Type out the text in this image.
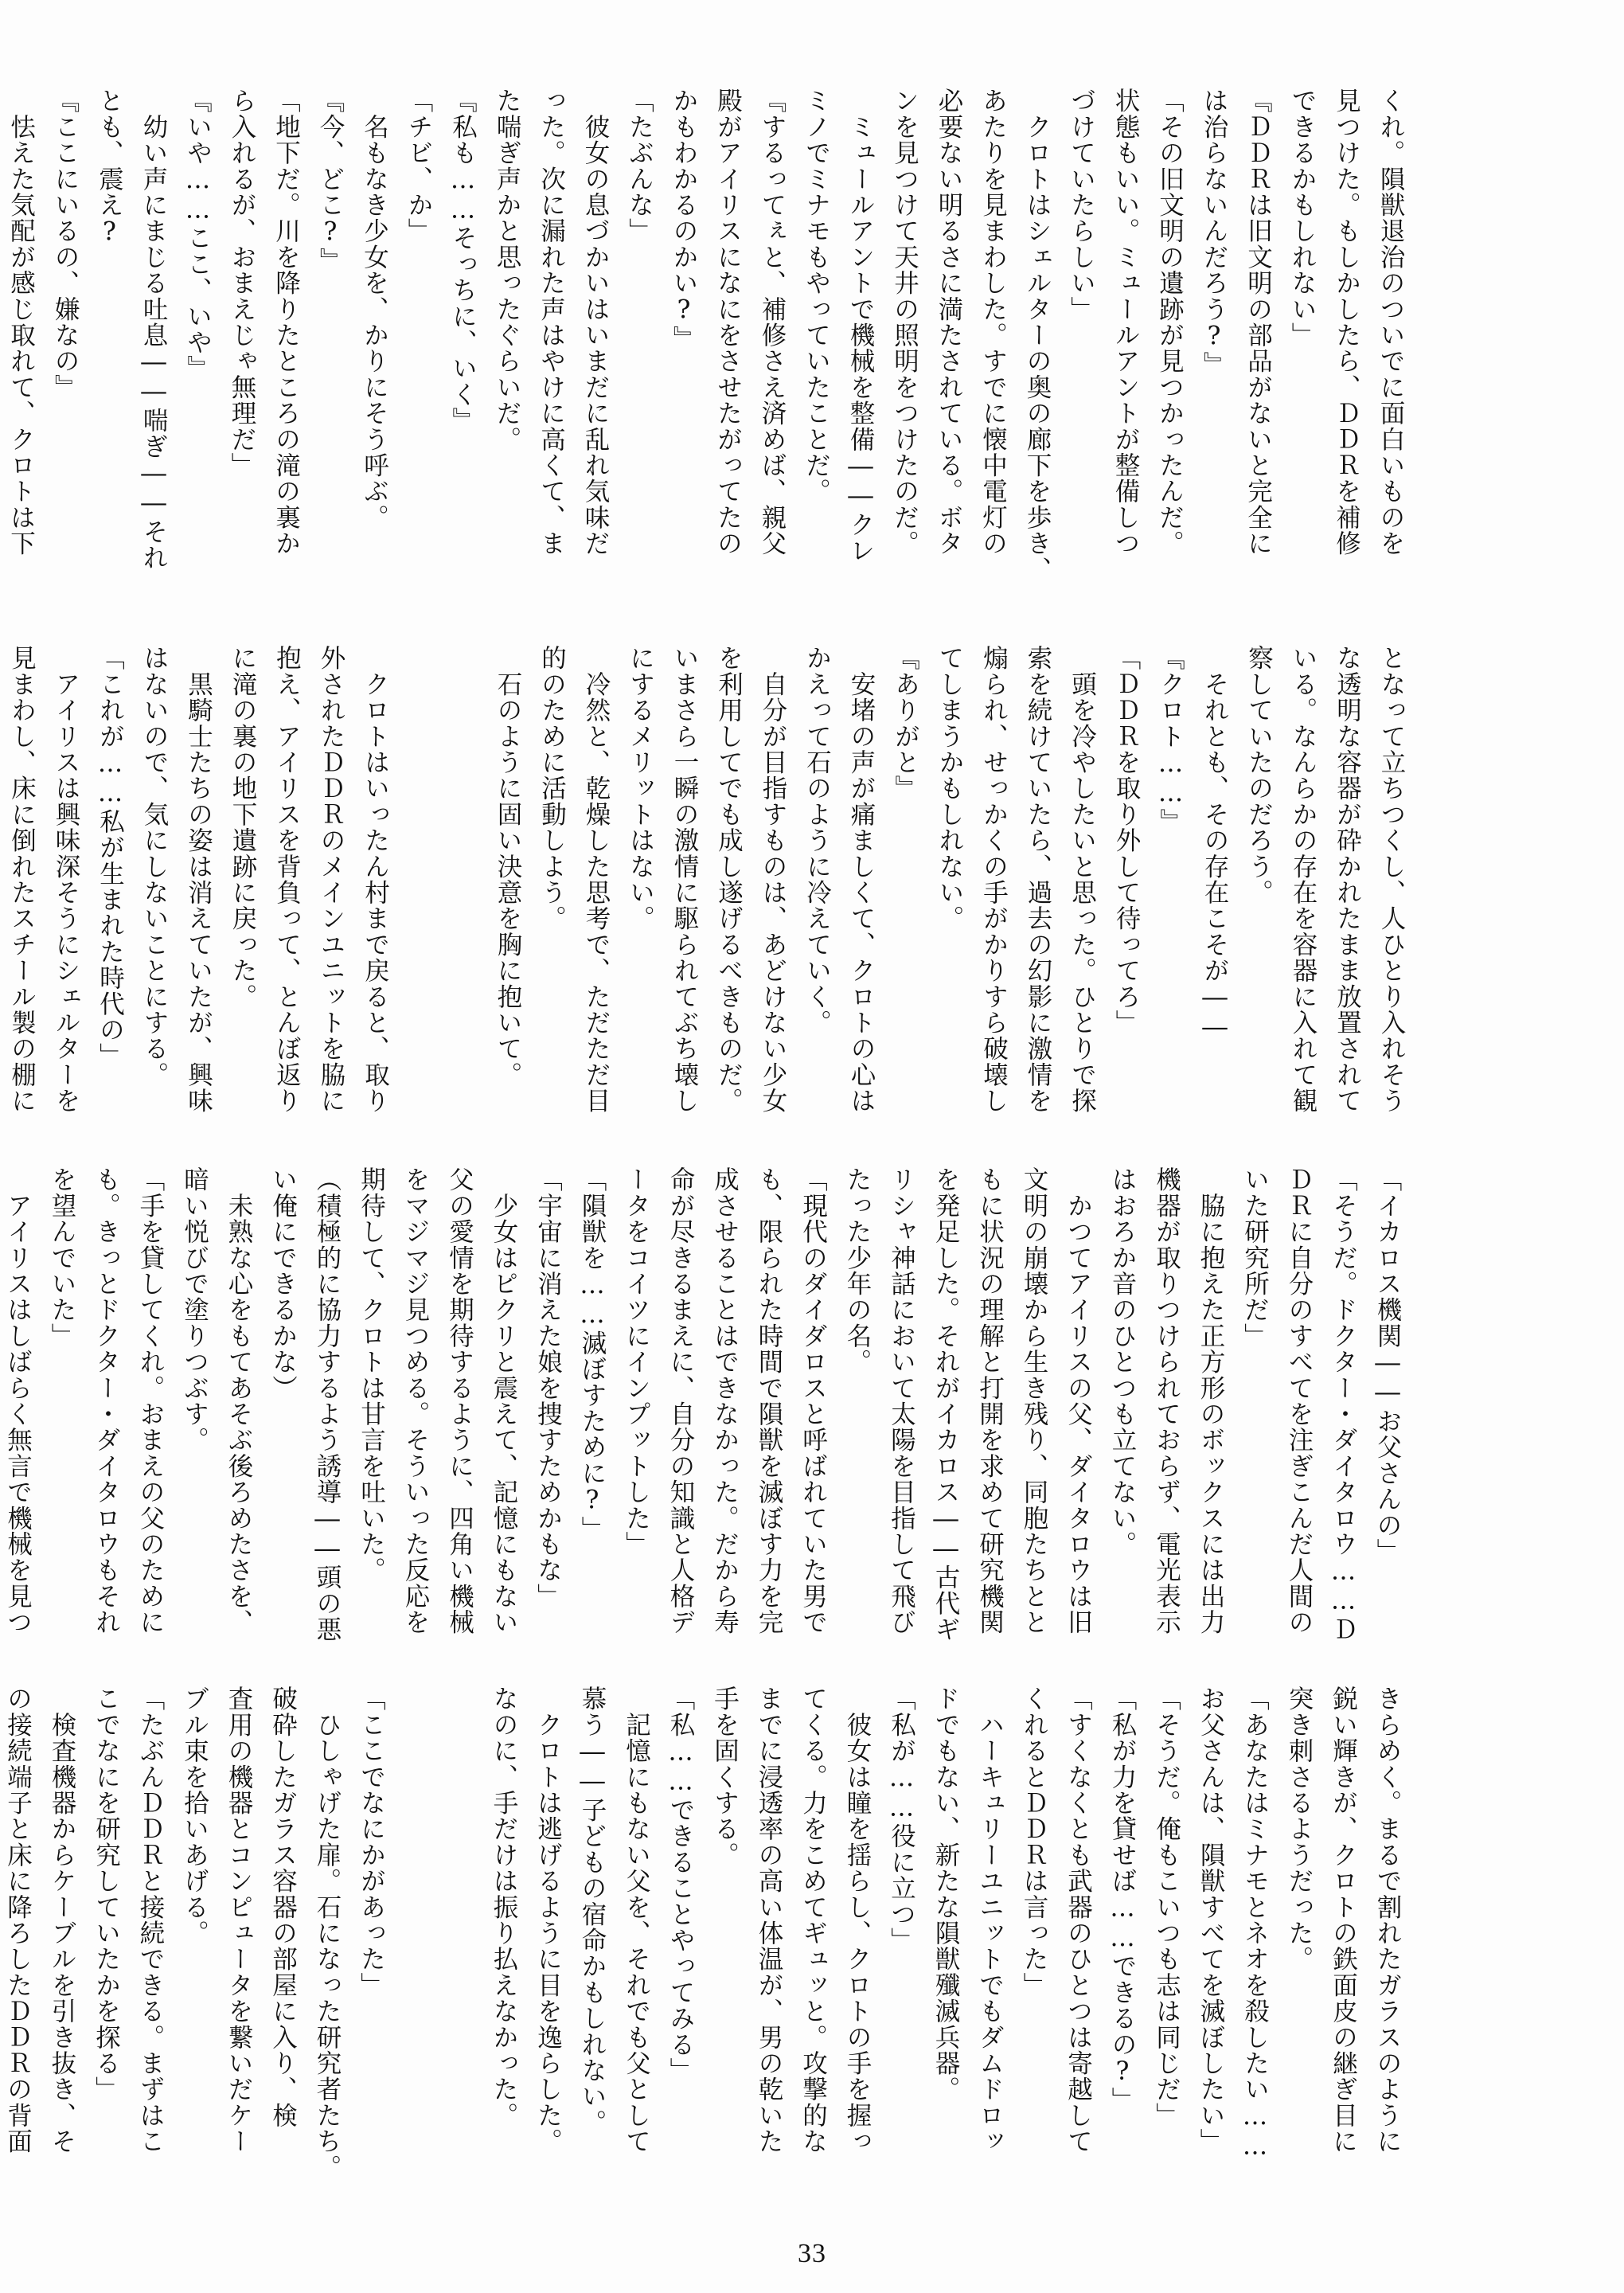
くれ。隕獣退治のついでに面白いものを

見つけた。もしかしたら、ＤＤＲを補修

できるかもしれない」

『ＤＤＲは旧文明の部品がないと完全に

は治らないんだろう?』

「その旧文明の遺跡が見つかったんだ。

状態もいい。ミュールアントが整備しつ

づけていたらしい」

　クロトはシェルターの奥の廊下を歩き、

あたりを見まわした。すでに懐中電灯の

必要ない明るさに満たされている。ボタ

ンを見つけて天井の照明をつけたのだ。

　ミュールアントで機械を整備――クレ

ミノでミナモもやっていたことだ。

『するってぇと、補修さえ済めば、親父

殿がアイリスになにをさせたがってたの

かもわかるのかい?』

「たぶんな」

　彼女の息づかいはいまだに乱れ気味だ

った。次に漏れた声はやけに高くて、ま

た喘ぎ声かと思ったぐらいだ。

『私も……そっちに、いく』

「チビ、か」

　名もなき少女を、かりにそう呼ぶ。

『今、どこ?』

「地下だ。川を降りたところの滝の裏か

ら入れるが、おまえじゃ無理だ」

『いや……ここ、いや』

　幼い声にまじる吐息――喘ぎ――それ

とも、震え?

『ここにいるの、嫌なの』

　怯えた気配が感じ取れて、クロトは下

となって立ちつくし、人ひとり入れそう

な透明な容器が砕かれたまま放置されて

いる。なんらかの存在を容器に入れて観

察していたのだろう。

　それとも、その存在こそが――

『クロト……』

「ＤＤＲを取り外して待ってろ」

　頭を冷やしたいと思った。ひとりで探

索を続けていたら、過去の幻影に激情を

煽られ、せっかくの手がかりすら破壊し

てしまうかもしれない。

『ありがと』

　安堵の声が痛ましくて、クロトの心は

かえって石のように冷えていく。

　自分が目指すものは、あどけない少女

を利用してでも成し遂げるべきものだ。

いまさら一瞬の激情に駆られてぶち壊し

にするメリットはない。

　冷然と、乾燥した思考で、ただただ目

的のために活動しよう。

　石のように固い決意を胸に抱いて。

　クロトはいったん村まで戻ると、取り

外されたＤＤＲのメインユニットを脇に

抱え、アイリスを背負って、とんぼ返り

に滝の裏の地下遺跡に戻った。

　黒騎士たちの姿は消えていたが、興味

はないので、気にしないことにする。

「これが……私が生まれた時代の」

　アイリスは興味深そうにシェルターを

見まわし、床に倒れたスチール製の棚に

「イカロス機関――お父さんの」

「そうだ。ドクター・ダイタロウ……Ｄ

ＤＲに自分のすべてを注ぎこんだ人間の

いた研究所だ」

　脇に抱えた正方形のボックスには出力

機器が取りつけられておらず、電光表示

はおろか音のひとつも立てない。

　かつてアイリスの父、ダイタロウは旧

文明の崩壊から生き残り、同胞たちとと

もに状況の理解と打開を求めて研究機関

を発足した。それがイカロス――古代ギ

リシャ神話において太陽を目指して飛び

たった少年の名。

「現代のダイダロスと呼ばれていた男で

も、限られた時間で隕獣を滅ぼす力を完

成させることはできなかった。だから寿

命が尽きるまえに、自分の知識と人格デ

ータをコイツにインプットした」

「隕獣を……滅ぼすために?」

「宇宙に消えた娘を捜すためかもな」

　少女はピクリと震えて、記憶にもない

父の愛情を期待するように、四角い機械

をマジマジ見つめる。そういった反応を

期待して、クロトは甘言を吐いた。

（積極的に協力するよう誘導――頭の悪

い俺にできるかな）

　未熟な心をもてあそぶ後ろめたさを、

暗い悦びで塗りつぶす。

「手を貸してくれ。おまえの父のために

も。きっとドクター・ダイタロウもそれ

を望んでいた」

　アイリスはしばらく無言で機械を見つ

きらめく。まるで割れたガラスのように

鋭い輝きが、クロトの鉄面皮の継ぎ目に

突き刺さるようだった。

「あなたはミナモとネオを殺したい……

お父さんは、隕獣すべてを滅ぼしたい」

「そうだ。俺もこいつも志は同じだ」

「私が力を貸せば……できるの?」

「すくなくとも武器のひとつは寄越して

くれるとＤＤＲは言った」

　ハーキュリーユニットでもダムドロッ

ドでもない、新たな隕獣殲滅兵器。

「私が……役に立つ」

　彼女は瞳を揺らし、クロトの手を握っ

てくる。力をこめてギュッと。攻撃的な

までに浸透率の高い体温が、男の乾いた

手を固くする。

「私……できることやってみる」

　記憶にもない父を、それでも父として

慕う――子どもの宿命かもしれない。

　クロトは逃げるように目を逸らした。

なのに、手だけは振り払えなかった。

「ここでなにかがあった」

　ひしゃげた扉。石になった研究者たち。

破砕したガラス容器の部屋に入り、検

査用の機器とコンピュータを繋いだケー

ブル束を拾いあげる。

「たぶんＤＤＲと接続できる。まずはこ

こでなにを研究していたかを探る」

　検査機器からケーブルを引き抜き、そ

の接続端子と床に降ろしたＤＤＲの背面

33
